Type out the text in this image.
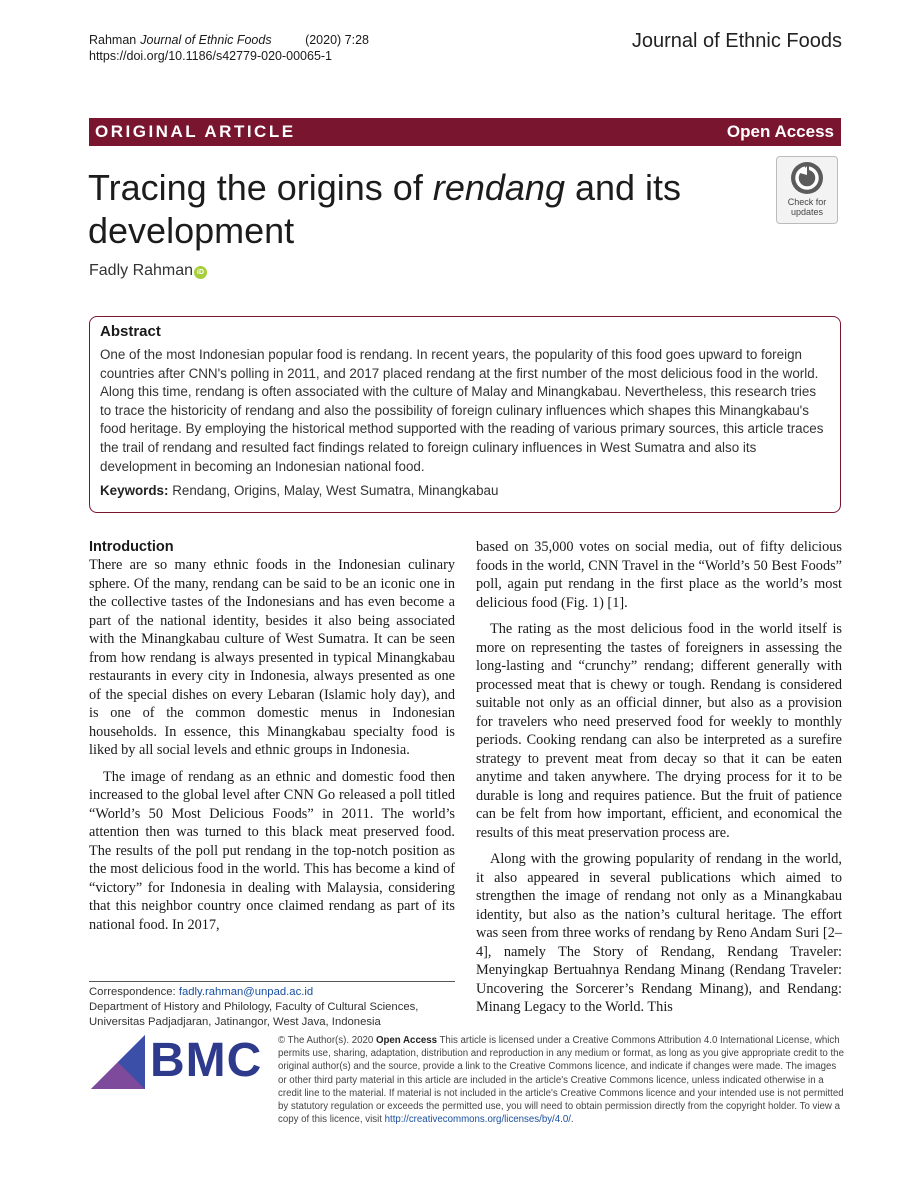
Rahman Journal of Ethnic Foods	(2020) 7:28
https://doi.org/10.1186/s42779-020-00065-1
Journal of Ethnic Foods
ORIGINAL ARTICLE	Open Access
Tracing the origins of rendang and its
development
Check for
updates
Fadly Rahman iD
Abstract

One of the most Indonesian popular food is rendang. In recent years, the popularity of this food goes upward to foreign countries after CNN's polling in 2011, and 2017 placed rendang at the first number of the most delicious food in the world. Along this time, rendang is often associated with the culture of Malay and Minangkabau. Nevertheless, this research tries to trace the historicity of rendang and also the possibility of foreign culinary influences which shapes this Minangkabau's food heritage. By employing the historical method supported with the reading of various primary sources, this article traces the trail of rendang and resulted fact findings related to foreign culinary influences in West Sumatra and also its development in becoming an Indonesian national food.

Keywords: Rendang, Origins, Malay, West Sumatra, Minangkabau
Introduction

There are so many ethnic foods in the Indonesian culinary sphere. Of the many, rendang can be said to be an iconic one in the collective tastes of the Indonesians and has even become a part of the national identity, besides it also being associated with the Minangkabau culture of West Sumatra. It can be seen from how rendang is always presented in typical Minangkabau restaurants in every city in Indonesia, always presented as one of the special dishes on every Lebaran (Islamic holy day), and is one of the common domestic menus in Indonesian households. In essence, this Minangkabau specialty food is liked by all social levels and ethnic groups in Indonesia.

The image of rendang as an ethnic and domestic food then increased to the global level after CNN Go released a poll titled “World’s 50 Most Delicious Foods” in 2011. The world’s attention then was turned to this black meat preserved food. The results of the poll put rendang in the top-notch position as the most delicious food in the world. This has become a kind of “victory” for Indonesia in dealing with Malaysia, considering that this neighbor country once claimed rendang as part of its national food. In 2017,

based on 35,000 votes on social media, out of fifty delicious foods in the world, CNN Travel in the “World’s 50 Best Foods” poll, again put rendang in the first place as the world’s most delicious food (Fig. 1) [1].

The rating as the most delicious food in the world itself is more on representing the tastes of foreigners in assessing the long-lasting and “crunchy” rendang; different generally with processed meat that is chewy or tough. Rendang is considered suitable not only as an official dinner, but also as a provision for travelers who need preserved food for weekly to monthly periods. Cooking rendang can also be interpreted as a surefire strategy to prevent meat from decay so that it can be eaten anytime and taken anywhere. The drying process for it to be durable is long and requires patience. But the fruit of patience can be felt from how important, efficient, and economical the results of this meat preservation process are.

Along with the growing popularity of rendang in the world, it also appeared in several publications which aimed to strengthen the image of rendang not only as a Minangkabau identity, but also as the nation’s cultural heritage. The effort was seen from three works of rendang by Reno Andam Suri [2–4], namely The Story of Rendang, Rendang Traveler: Menyingkap Bertuahnya Rendang Minang (Rendang Traveler: Uncovering the Sorcerer’s Rendang Minang), and Rendang: Minang Legacy to the World. This

Correspondence: fadly.rahman@unpad.ac.id
Department of History and Philology, Faculty of Cultural Sciences, Universitas Padjadjaran, Jatinangor, West Java, Indonesia
BMC © The Author(s). 2020 Open Access This article is licensed under a Creative Commons Attribution 4.0 International License, which permits use, sharing, adaptation, distribution and reproduction in any medium or format, as long as you give appropriate credit to the original author(s) and the source, provide a link to the Creative Commons licence, and indicate if changes were made. The images or other third party material in this article are included in the article's Creative Commons licence, unless indicated otherwise in a credit line to the material. If material is not included in the article's Creative Commons licence and your intended use is not permitted by statutory regulation or exceeds the permitted use, you will need to obtain permission directly from the copyright holder. To view a copy of this licence, visit http://creativecommons.org/licenses/by/4.0/.
